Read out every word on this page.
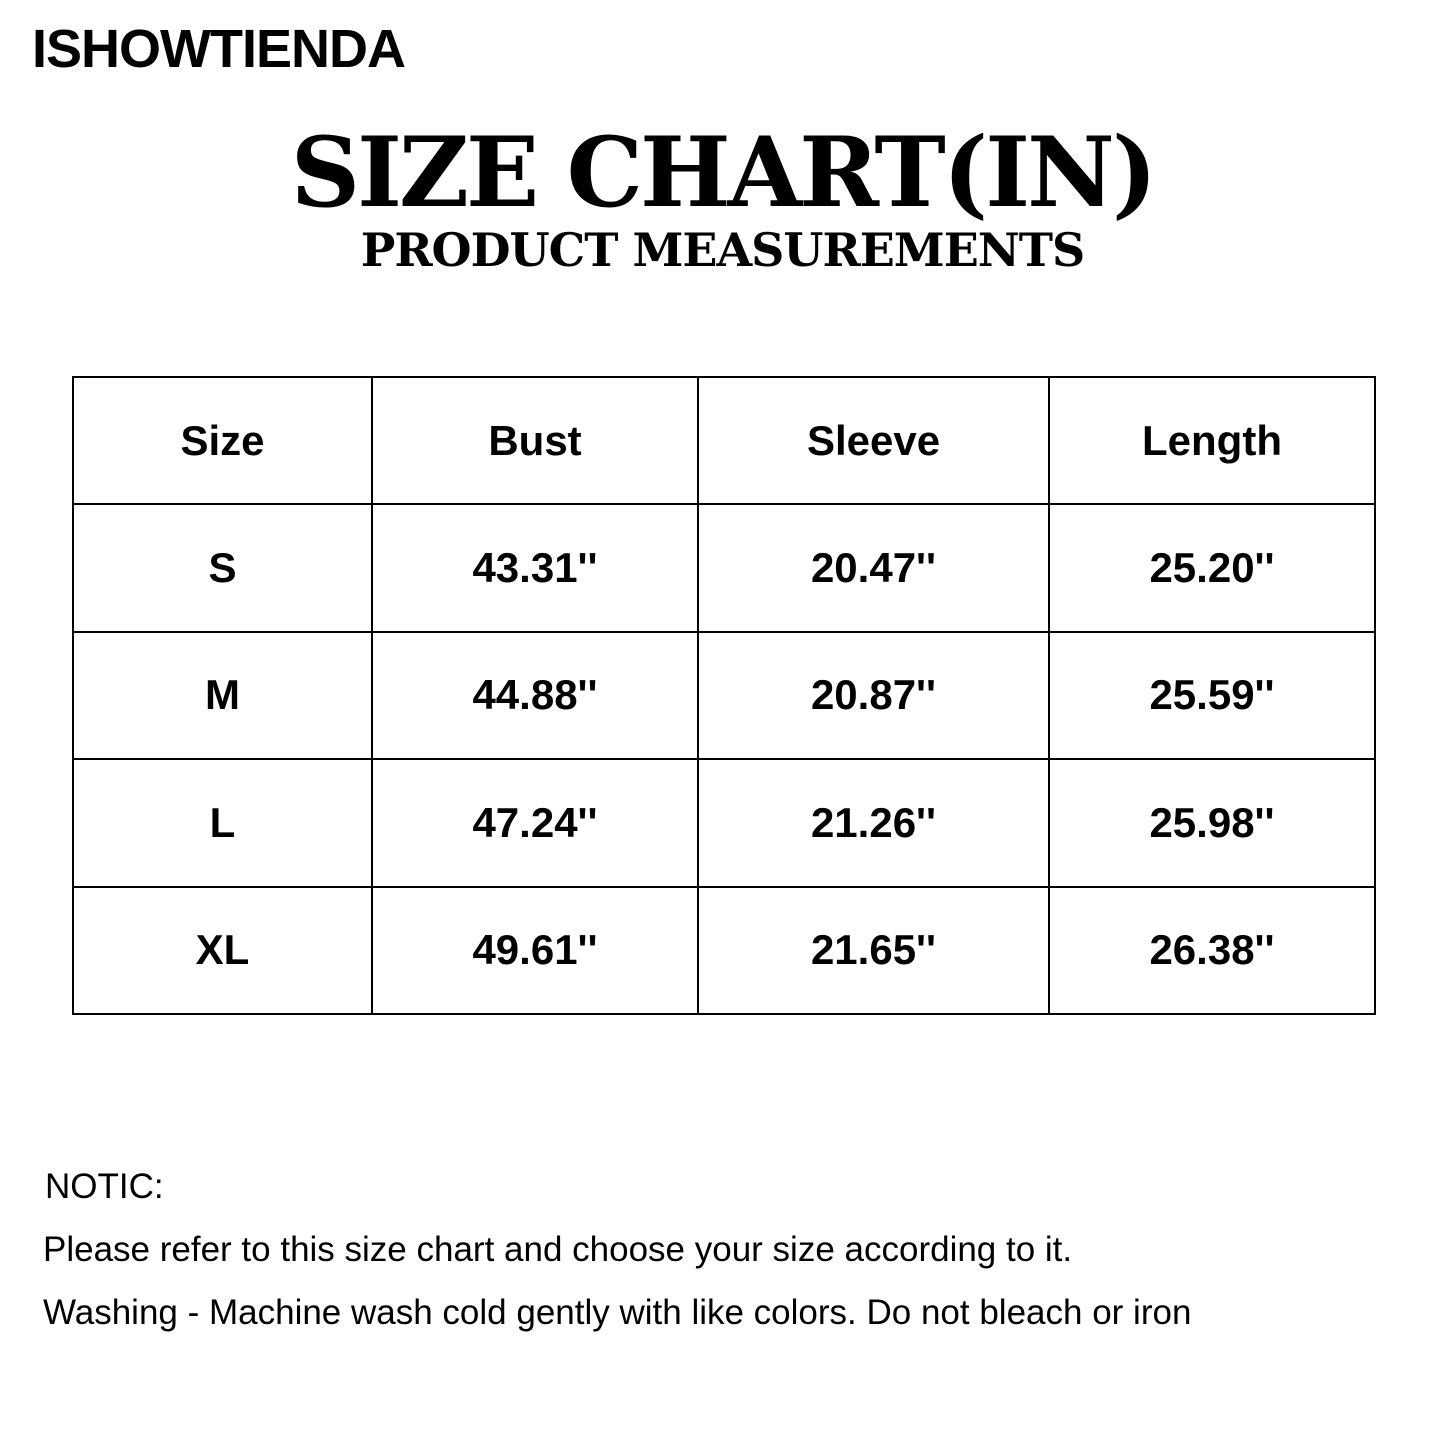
ISHOWTIENDA
SIZE CHART(IN)
PRODUCT MEASUREMENTS
Size	Bust	Sleeve	Length
S	43.31''	20.47''	25.20''
M	44.88''	20.87''	25.59''
L	47.24''	21.26''	25.98''
XL	49.61''	21.65''	26.38''
NOTIC:
Please refer to this size chart and choose your size according to it.
Washing - Machine wash cold gently with like colors. Do not bleach or iron
